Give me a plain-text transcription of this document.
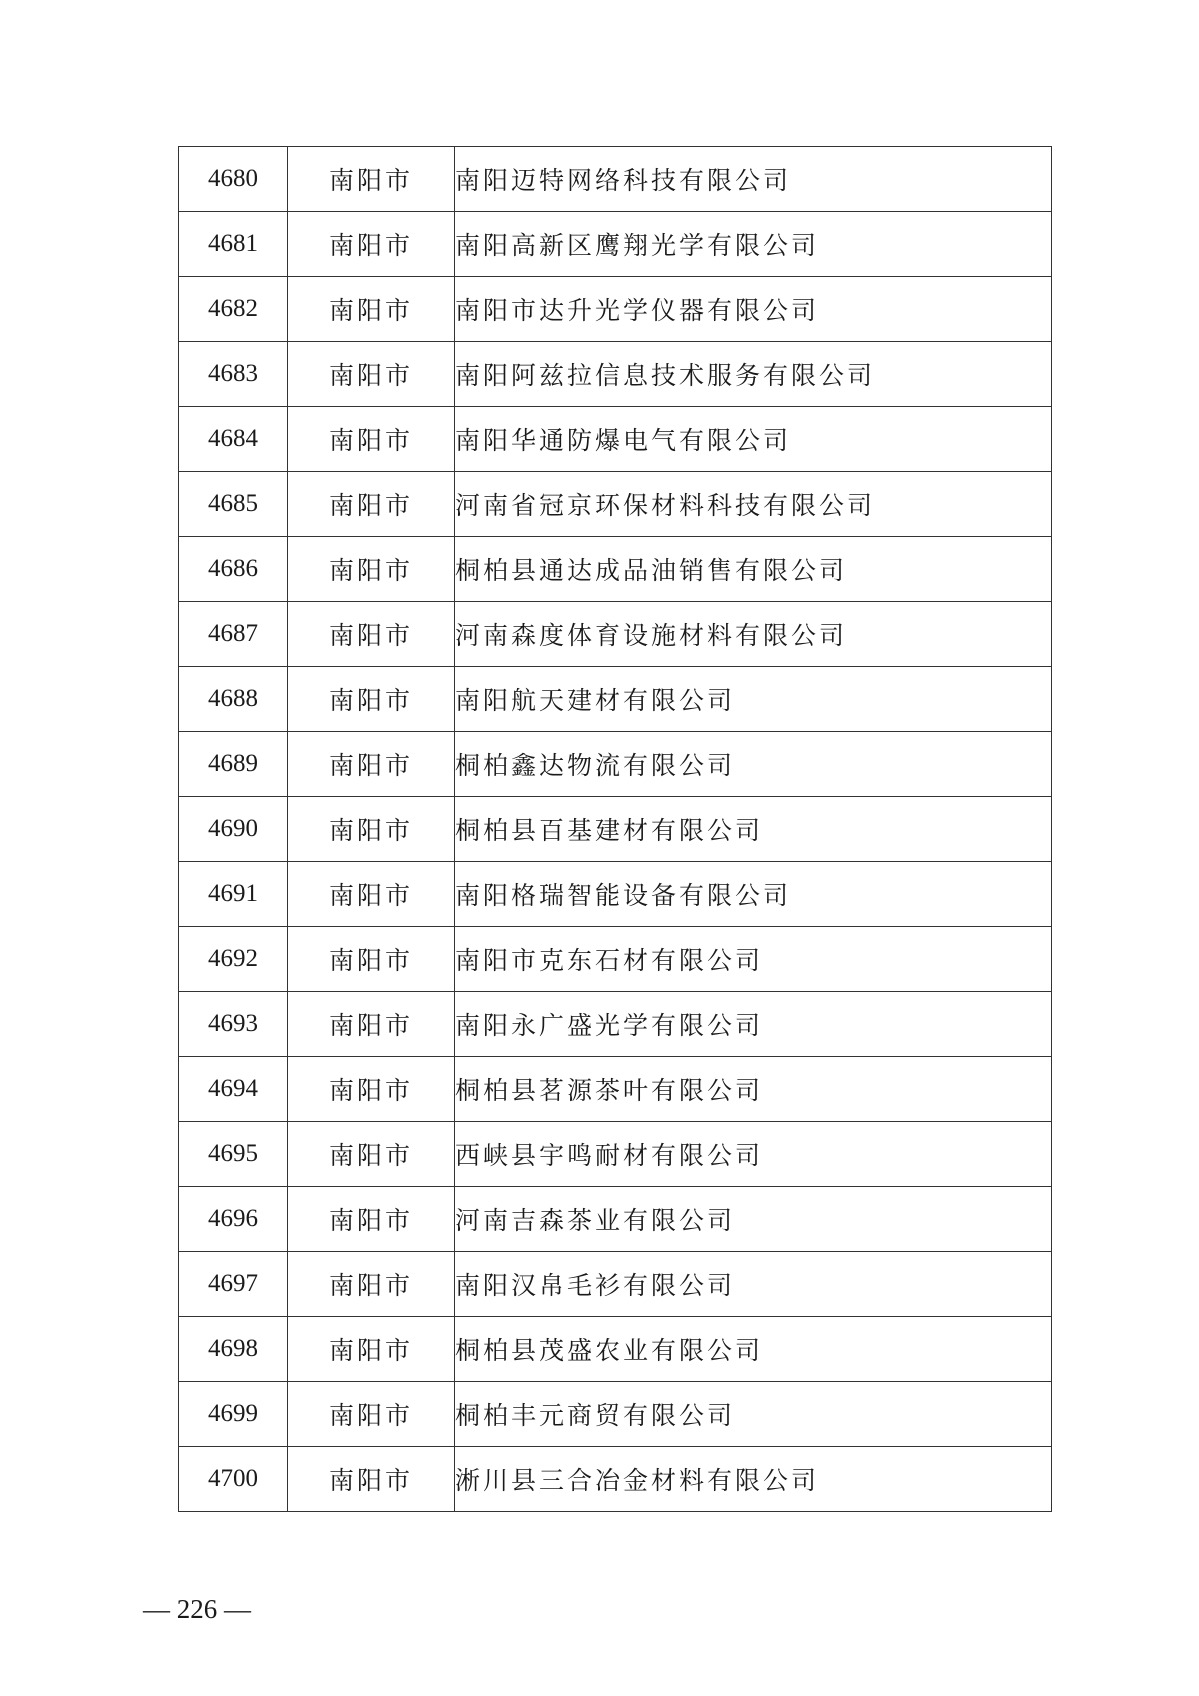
4680	南阳市	南阳迈特网络科技有限公司
4681	南阳市	南阳高新区鹰翔光学有限公司
4682	南阳市	南阳市达升光学仪器有限公司
4683	南阳市	南阳阿兹拉信息技术服务有限公司
4684	南阳市	南阳华通防爆电气有限公司
4685	南阳市	河南省冠京环保材料科技有限公司
4686	南阳市	桐柏县通达成品油销售有限公司
4687	南阳市	河南森度体育设施材料有限公司
4688	南阳市	南阳航天建材有限公司
4689	南阳市	桐柏鑫达物流有限公司
4690	南阳市	桐柏县百基建材有限公司
4691	南阳市	南阳格瑞智能设备有限公司
4692	南阳市	南阳市克东石材有限公司
4693	南阳市	南阳永广盛光学有限公司
4694	南阳市	桐柏县茗源茶叶有限公司
4695	南阳市	西峡县宇鸣耐材有限公司
4696	南阳市	河南吉森茶业有限公司
4697	南阳市	南阳汉帛毛衫有限公司
4698	南阳市	桐柏县茂盛农业有限公司
4699	南阳市	桐柏丰元商贸有限公司
4700	南阳市	淅川县三合冶金材料有限公司
— 226 —
